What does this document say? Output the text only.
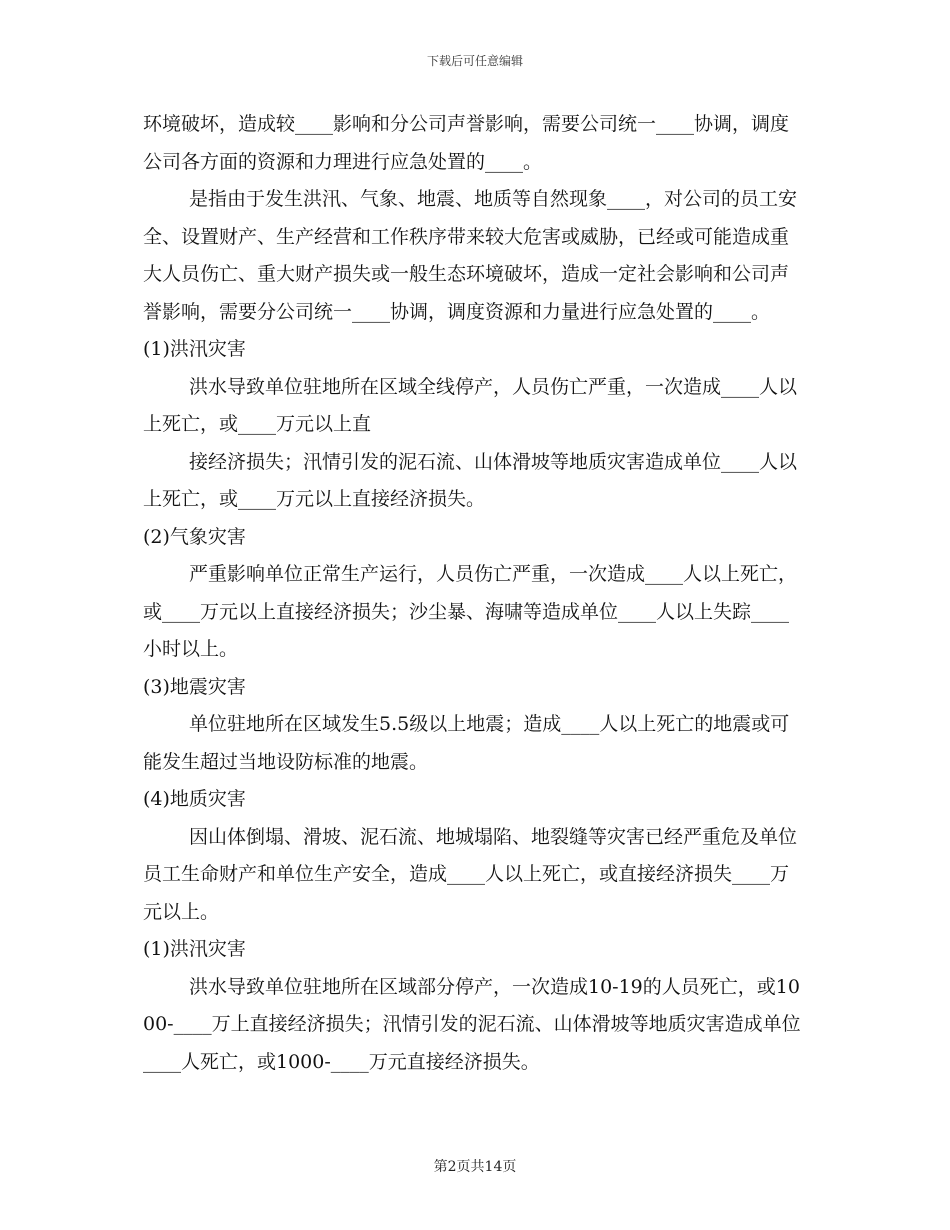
下载后可任意编辑

环境破坏，造成较____影响和分公司声誉影响，需要公司统一____协调，调度公司各方面的资源和力理进行应急处置的____。

是指由于发生洪汛、气象、地震、地质等自然现象____，对公司的员工安全、设置财产、生产经营和工作秩序带来较大危害或威胁，已经或可能造成重大人员伤亡、重大财产损失或一般生态环境破坏，造成一定社会影响和公司声誉影响，需要分公司统一____协调，调度资源和力量进行应急处置的____。

(1)洪汛灾害

洪水导致单位驻地所在区域全线停产，人员伤亡严重，一次造成____人以上死亡，或____万元以上直

接经济损失；汛情引发的泥石流、山体滑坡等地质灾害造成单位____人以上死亡，或____万元以上直接经济损失。

(2)气象灾害

严重影响单位正常生产运行，人员伤亡严重，一次造成____人以上死亡，或____万元以上直接经济损失；沙尘暴、海啸等造成单位____人以上失踪____小时以上。

(3)地震灾害

单位驻地所在区域发生5.5级以上地震；造成____人以上死亡的地震或可能发生超过当地设防标准的地震。

(4)地质灾害

因山体倒塌、滑坡、泥石流、地城塌陷、地裂缝等灾害已经严重危及单位员工生命财产和单位生产安全，造成____人以上死亡，或直接经济损失____万元以上。

(1)洪汛灾害

洪水导致单位驻地所在区域部分停产，一次造成10-19的人员死亡，或1000-____万上直接经济损失；汛情引发的泥石流、山体滑坡等地质灾害造成单位____人死亡，或1000-____万元直接经济损失。

第2页共14页
